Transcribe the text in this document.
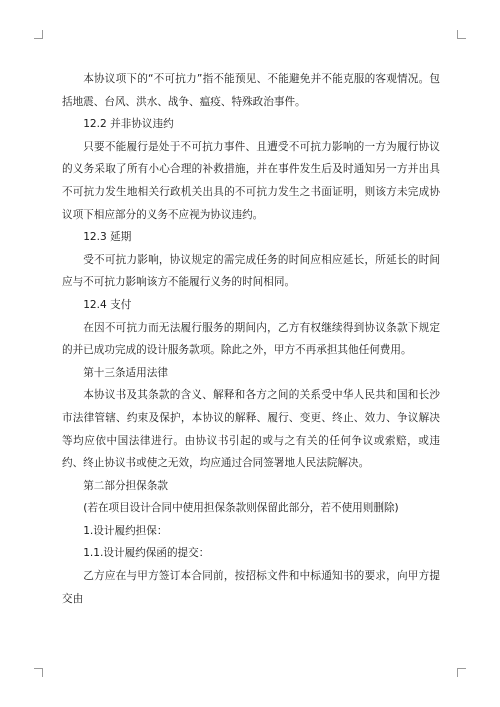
本协议项下的“不可抗力”指不能预见、不能避免并不能克服的客观情况。包括地震、台风、洪水、战争、瘟疫、特殊政治事件。

12.2 并非协议违约

只要不能履行是处于不可抗力事件、且遭受不可抗力影响的一方为履行协议的义务采取了所有小心合理的补救措施，并在事件发生后及时通知另一方并出具不可抗力发生地相关行政机关出具的不可抗力发生之书面证明，则该方未完成协议项下相应部分的义务不应视为协议违约。

12.3 延期

受不可抗力影响，协议规定的需完成任务的时间应相应延长，所延长的时间应与不可抗力影响该方不能履行义务的时间相同。

12.4 支付

在因不可抗力而无法履行服务的期间内，乙方有权继续得到协议条款下规定的并已成功完成的设计服务款项。除此之外，甲方不再承担其他任何费用。

第十三条适用法律

本协议书及其条款的含义、解释和各方之间的关系受中华人民共和国和长沙市法律管辖、约束及保护，本协议的解释、履行、变更、终止、效力、争议解决等均应依中国法律进行。由协议书引起的或与之有关的任何争议或索赔，或违约、终止协议书或使之无效，均应通过合同签署地人民法院解决。

第二部分担保条款

(若在项目设计合同中使用担保条款则保留此部分，若不使用则删除)

1.设计履约担保：

1.1.设计履约保函的提交：

乙方应在与甲方签订本合同前，按招标文件和中标通知书的要求，向甲方提交由
